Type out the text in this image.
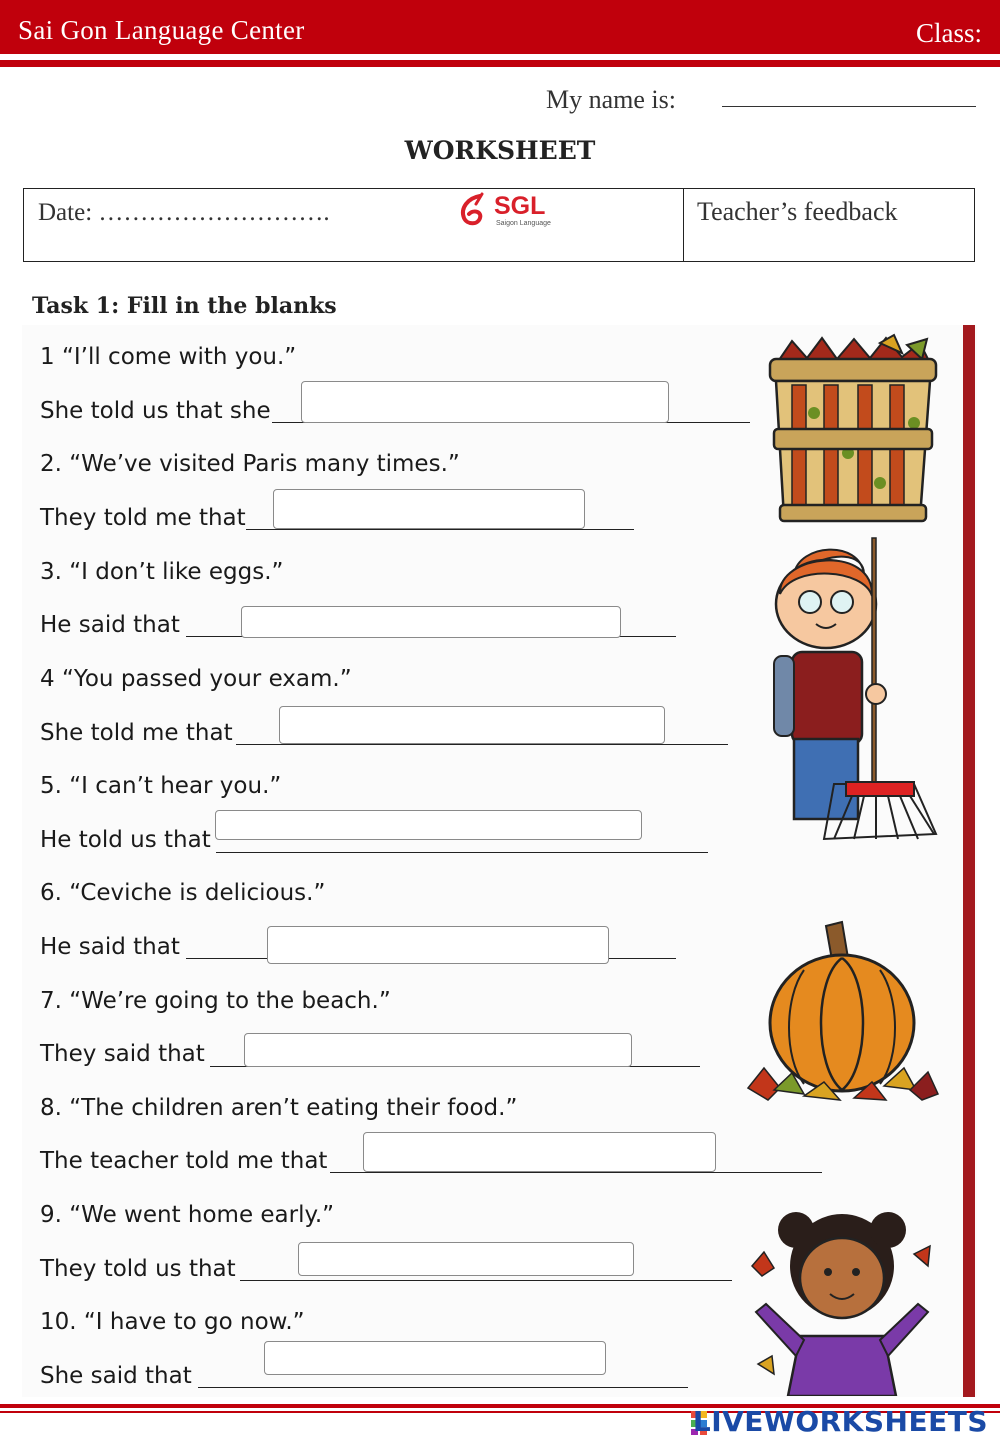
Sai Gon Language Center	Class:
My name is:
WORKSHEET
Date: ……………………….	SGL
Saigon Language	Teacher’s feedback
Task 1: Fill in the blanks
1 “I’ll come with you.”
She told us that she
2. “We’ve visited Paris many times.”
They told me that
3. “I don’t like eggs.”
He said that
4 “You passed your exam.”
She told me that
5. “I can’t hear you.”
He told us that
6. “Ceviche is delicious.”
He said that
7. “We’re going to the beach.”
They said that
8. “The children aren’t eating their food.”
The teacher told me that
9. “We went home early.”
They told us that
10. “I have to go now.”
She said that
LIVEWORKSHEETS
